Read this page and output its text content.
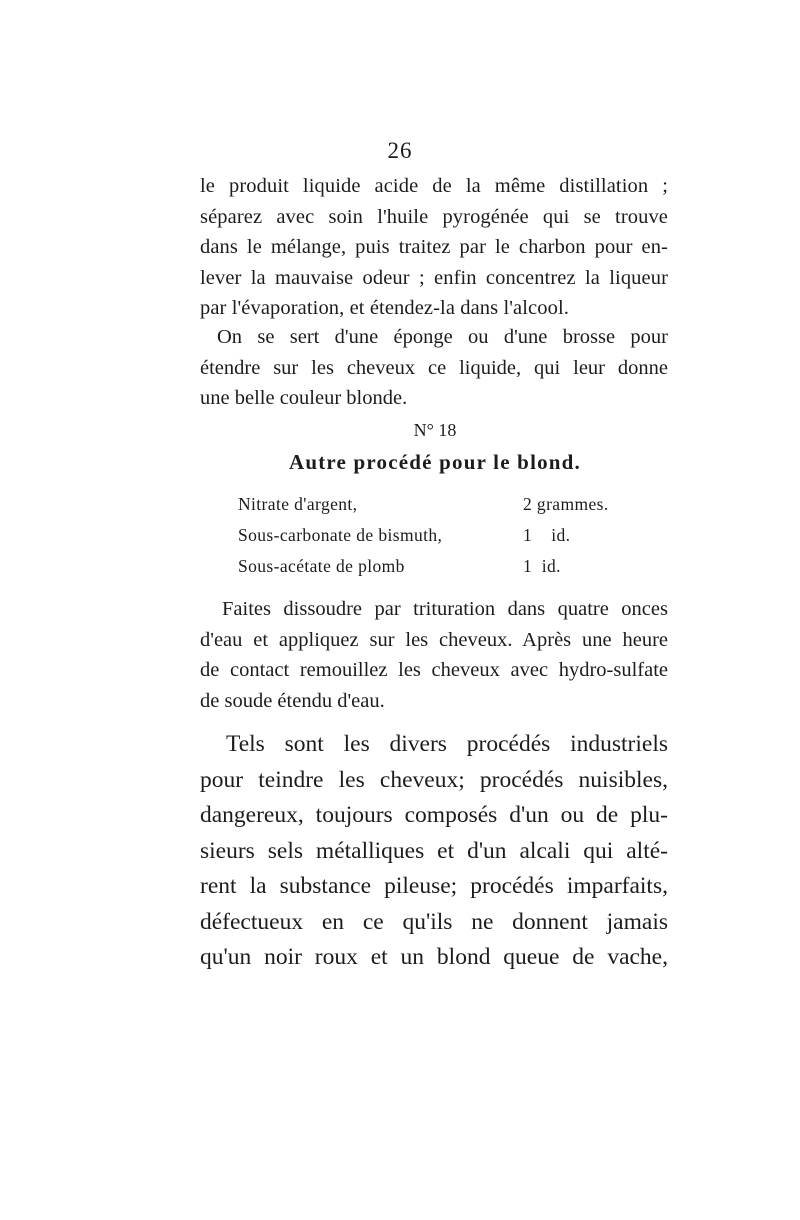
26
le produit liquide acide de la même distillation ;
séparez avec soin l'huile pyrogénée qui se trouve
dans le mélange, puis traitez par le charbon pour en-
lever la mauvaise odeur ; enfin concentrez la liqueur
par l'évaporation, et étendez-la dans l'alcool.
On se sert d'une éponge ou d'une brosse pour
étendre sur les cheveux ce liquide, qui leur donne
une belle couleur blonde.
N° 18
Autre procédé pour le blond.
Nitrate d'argent,	2 grammes.
Sous-carbonate de bismuth,	1    id.
Sous-acétate de plomb	1  id.
Faites dissoudre par trituration dans quatre onces
d'eau et appliquez sur les cheveux. Après une heure
de contact remouillez les cheveux avec hydro-sulfate
de soude étendu d'eau.
Tels sont les divers procédés industriels
pour teindre les cheveux; procédés nuisibles,
dangereux, toujours composés d'un ou de plu-
sieurs sels métalliques et d'un alcali qui alté-
rent la substance pileuse; procédés imparfaits,
défectueux en ce qu'ils ne donnent jamais
qu'un noir roux et un blond queue de vache,
